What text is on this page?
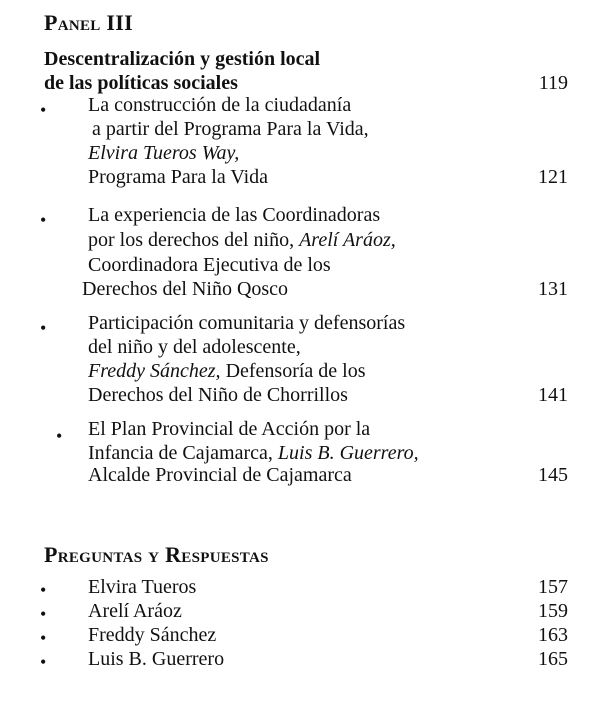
Panel III
Descentralización y gestión local
de las políticas sociales	119
• La construcción de la ciudadanía
a partir del Programa Para la Vida,
Elvira Tueros Way,
Programa Para la Vida	121
• La experiencia de las Coordinadoras
por los derechos del niño, Arelí Aráoz,
Coordinadora Ejecutiva de los
Derechos del Niño Qosco	131
• Participación comunitaria y defensorías
del niño y del adolescente,
Freddy Sánchez, Defensoría de los
Derechos del Niño de Chorrillos	141
• El Plan Provincial de Acción por la
Infancia de Cajamarca, Luis B. Guerrero,
Alcalde Provincial de Cajamarca	145
Preguntas y Respuestas
• Elvira Tueros	157
• Arelí Aráoz	159
• Freddy Sánchez	163
• Luis B. Guerrero	165
